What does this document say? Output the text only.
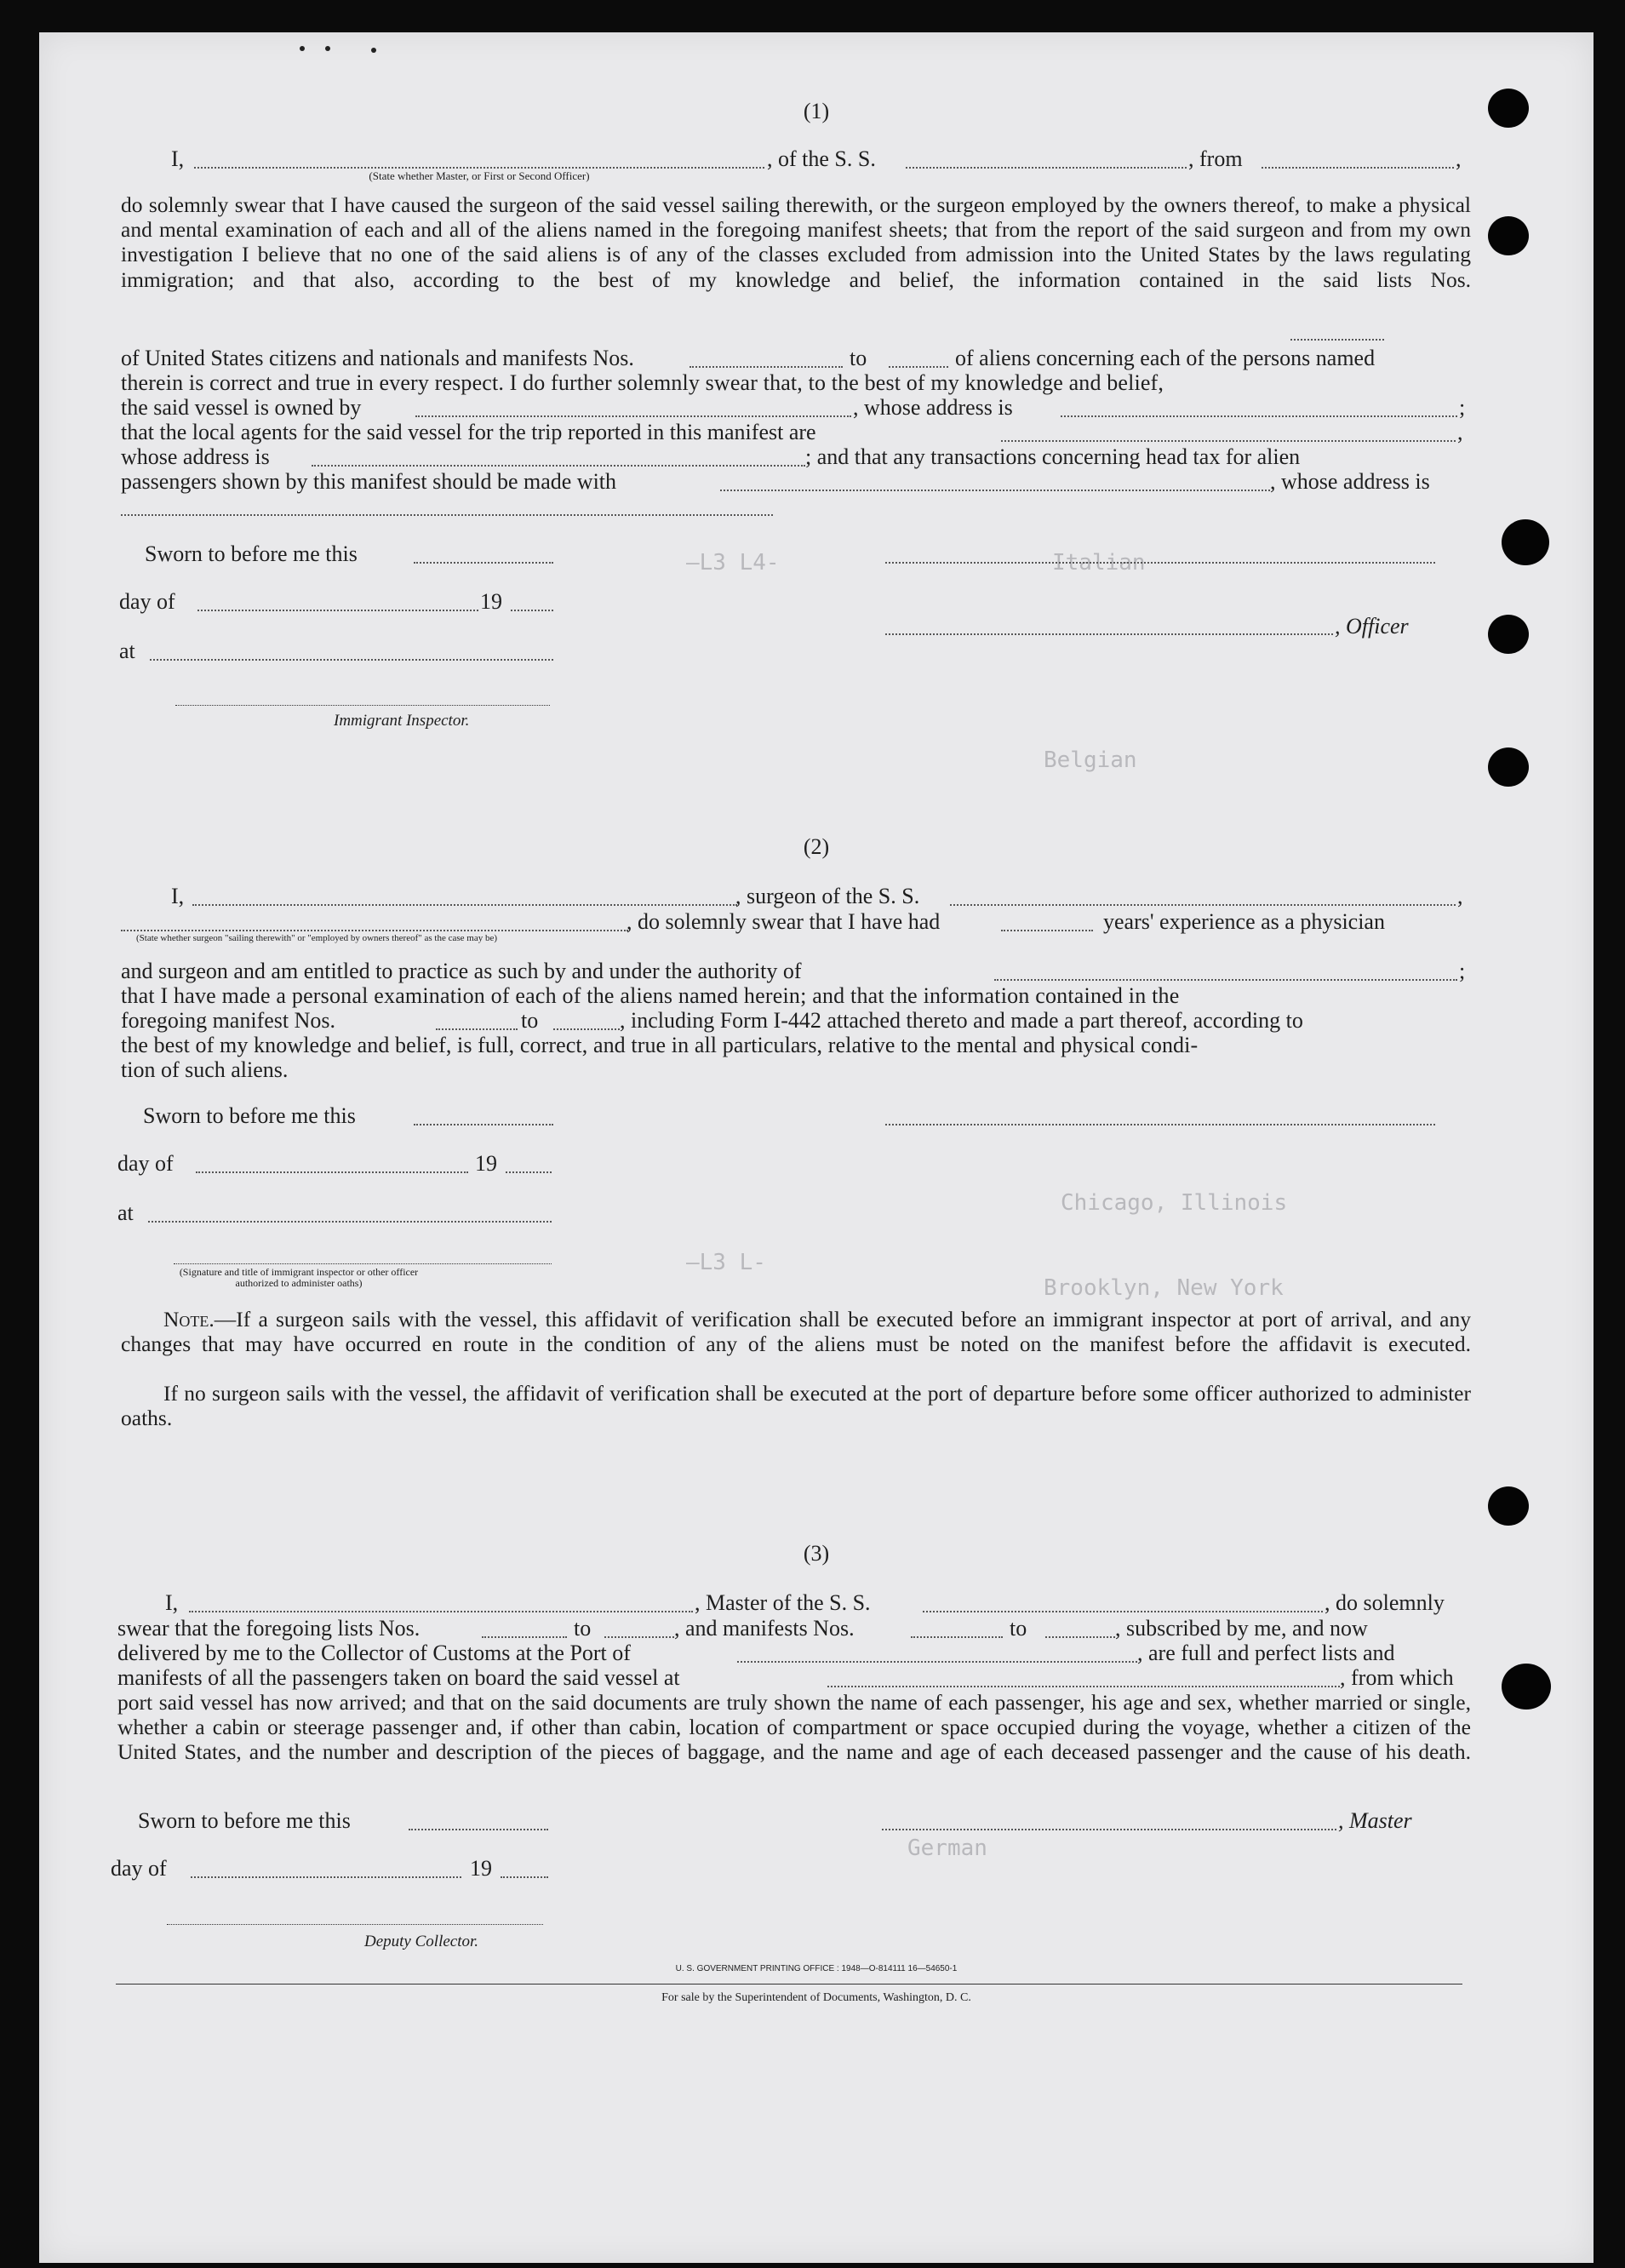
Italian
—L3 L4-
Belgian
Chicago, Illinois
German
Brooklyn, New York
—L3 L-
(1)
I,	, of the S. S.	, from	,
(State whether Master, or First or Second Officer)
do solemnly swear that I have caused the surgeon of the said vessel sailing therewith, or the surgeon employed by the owners thereof, to make a physical and mental examination of each and all of the aliens named in the foregoing manifest sheets; that from the report of the said surgeon and from my own investigation I believe that no one of the said aliens is of any of the classes excluded from admission into the United States by the laws regulating immigration; and that also, according to the best of my knowledge and belief, the information contained in the said lists Nos.
of United States citizens and nationals and manifests Nos.	to	of aliens concerning each of the persons named
therein is correct and true in every respect. I do further solemnly swear that, to the best of my knowledge and belief,
the said vessel is owned by	, whose address is	;
that the local agents for the said vessel for the trip reported in this manifest are	,
whose address is	; and that any transactions concerning head tax for alien
passengers shown by this manifest should be made with	, whose address is
Sworn to before me this
day of	19
, Officer
at
Immigrant Inspector.
(2)
I,	, surgeon of the S. S.	,
, do solemnly swear that I have had	years' experience as a physician
(State whether surgeon "sailing therewith" or "employed by owners thereof" as the case may be)
and surgeon and am entitled to practice as such by and under the authority of	;
that I have made a personal examination of each of the aliens named herein; and that the information contained in the
foregoing manifest Nos.	to	, including Form I-442 attached thereto and made a part thereof, according to
the best of my knowledge and belief, is full, correct, and true in all particulars, relative to the mental and physical condi-
tion of such aliens.
Sworn to before me this
day of	19
at
(Signature and title of immigrant inspector or other officer authorized to administer oaths)
Note.—If a surgeon sails with the vessel, this affidavit of verification shall be executed before an immigrant inspector at port of arrival, and any changes that may have occurred en route in the condition of any of the aliens must be noted on the manifest before the affidavit is executed.
If no surgeon sails with the vessel, the affidavit of verification shall be executed at the port of departure before some officer authorized to administer oaths.
(3)
I,	, Master of the S. S.	, do solemnly
swear that the foregoing lists Nos.	to	, and manifests Nos.	to	, subscribed by me, and now
delivered by me to the Collector of Customs at the Port of	, are full and perfect lists and
manifests of all the passengers taken on board the said vessel at	, from which
port said vessel has now arrived; and that on the said documents are truly shown the name of each passenger, his age and sex, whether married or single, whether a cabin or steerage passenger and, if other than cabin, location of compartment or space occupied during the voyage, whether a citizen of the United States, and the number and description of the pieces of baggage, and the name and age of each deceased passenger and the cause of his death.
Sworn to before me this	, Master
day of	19
Deputy Collector.
U. S. GOVERNMENT PRINTING OFFICE : 1948—O-814111 16—54650-1
For sale by the Superintendent of Documents, Washington, D. C.
